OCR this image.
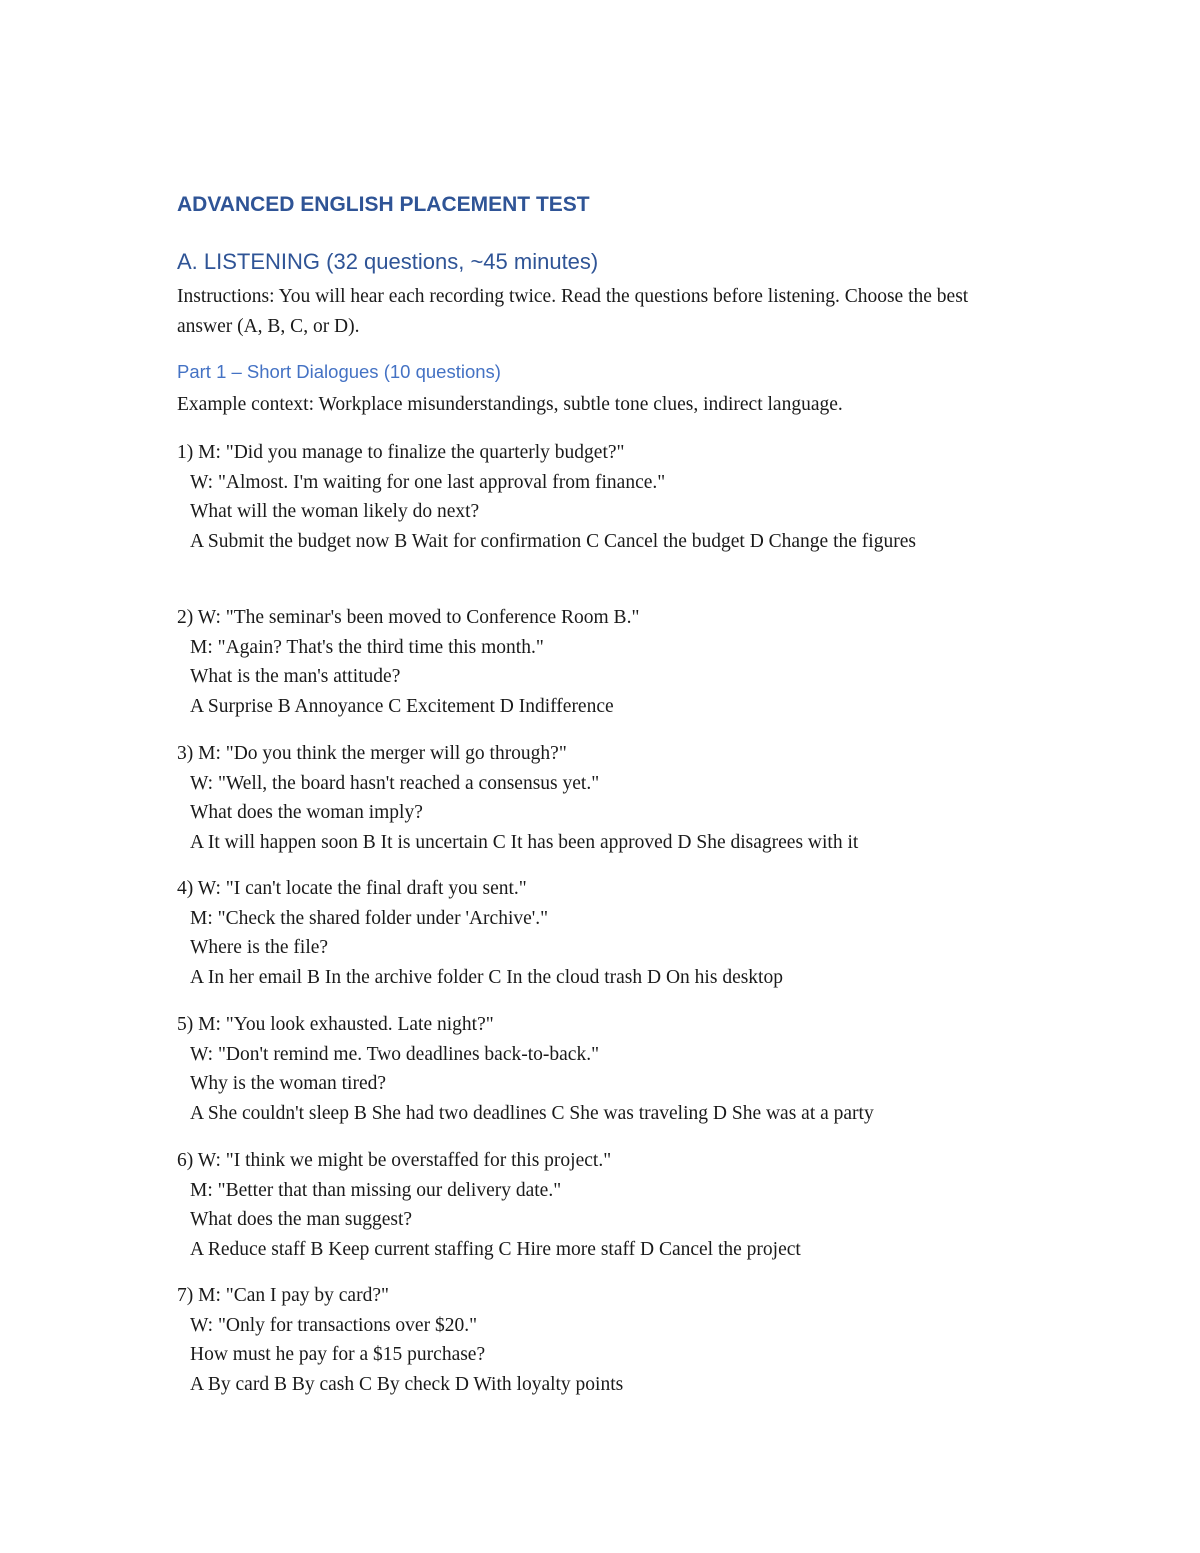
ADVANCED ENGLISH PLACEMENT TEST
A. LISTENING (32 questions, ~45 minutes)

Instructions: You will hear each recording twice. Read the questions before listening. Choose the best answer (A, B, C, or D).

Part 1 – Short Dialogues (10 questions)

Example context: Workplace misunderstandings, subtle tone clues, indirect language.

1) M: "Did you manage to finalize the quarterly budget?"
W: "Almost. I'm waiting for one last approval from finance."
What will the woman likely do next?
A Submit the budget now B Wait for confirmation C Cancel the budget D Change the figures
2) W: "The seminar's been moved to Conference Room B."
M: "Again? That's the third time this month."
What is the man's attitude?
A Surprise B Annoyance C Excitement D Indifference
3) M: "Do you think the merger will go through?"
W: "Well, the board hasn't reached a consensus yet."
What does the woman imply?
A It will happen soon B It is uncertain C It has been approved D She disagrees with it
4) W: "I can't locate the final draft you sent."
M: "Check the shared folder under 'Archive'."
Where is the file?
A In her email B In the archive folder C In the cloud trash D On his desktop
5) M: "You look exhausted. Late night?"
W: "Don't remind me. Two deadlines back-to-back."
Why is the woman tired?
A She couldn't sleep B She had two deadlines C She was traveling D She was at a party
6) W: "I think we might be overstaffed for this project."
M: "Better that than missing our delivery date."
What does the man suggest?
A Reduce staff B Keep current staffing C Hire more staff D Cancel the project
7) M: "Can I pay by card?"
W: "Only for transactions over $20."
How must he pay for a $15 purchase?
A By card B By cash C By check D With loyalty points
